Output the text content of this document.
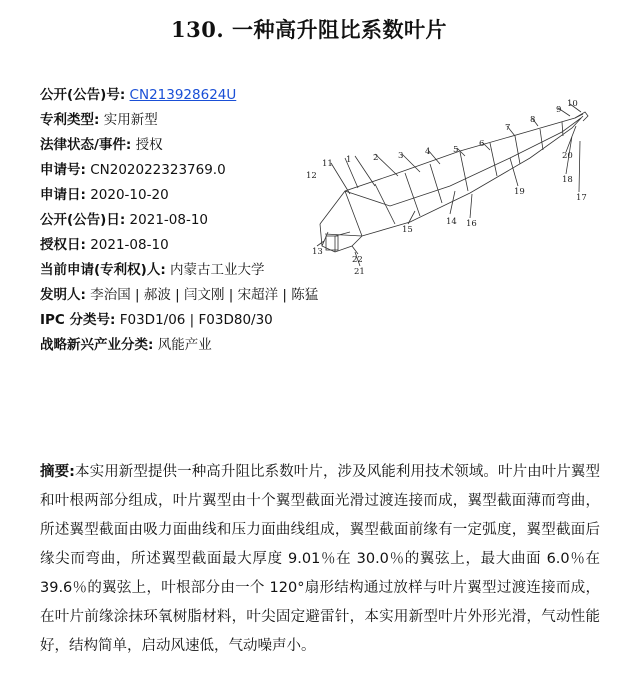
130. 一种高升阻比系数叶片
公开(公告)号: CN213928624U
专利类型: 实用新型
法律状态/事件: 授权
申请号: CN202022323769.0
申请日: 2020-10-20
公开(公告)日: 2021-08-10
授权日: 2021-08-10
当前申请(专利权)人: 内蒙古工业大学
发明人: 李治国 | 郝波 | 闫文刚 | 宋超洋 | 陈猛
IPC 分类号: F03D1/06 | F03D80/30
战略新兴产业分类: 风能产业
1	2 3	4	5
6
7
8
9
10
11
12
13
14
15
16
17
18
19
20
21
22

摘要:本实用新型提供一种高升阻比系数叶片，涉及风能利用技术领域。叶片由叶片翼型和叶根两部分组成，叶片翼型由十个翼型截面光滑过渡连接而成，翼型截面薄而弯曲，所述翼型截面由吸力面曲线和压力面曲线组成，翼型截面前缘有一定弧度，翼型截面后缘尖而弯曲，所述翼型截面最大厚度 9.01％在 30.0％的翼弦上，最大曲面 6.0％在 39.6％的翼弦上，叶根部分由一个 120°扇形结构通过放样与叶片翼型过渡连接而成，在叶片前缘涂抹环氧树脂材料，叶尖固定避雷针，本实用新型叶片外形光滑，气动性能好，结构简单，启动风速低，气动噪声小。
